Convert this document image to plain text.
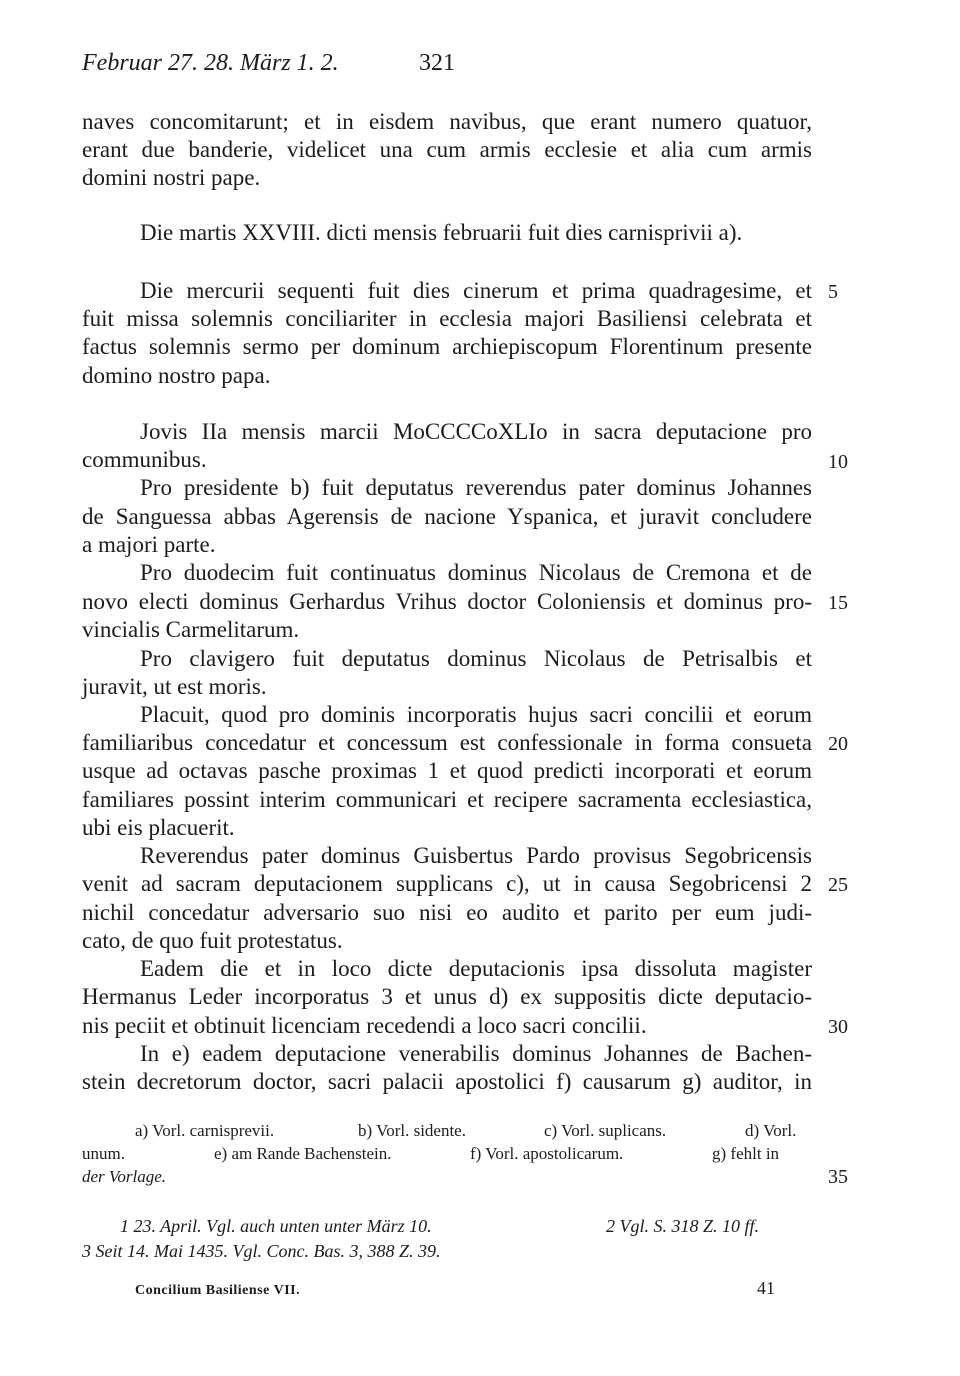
Februar 27. 28. März 1. 2.	321
naves concomitarunt; et in eisdem navibus, que erant numero quatuor,
erant due banderie, videlicet una cum armis ecclesie et alia cum armis
domini nostri pape.
Die martis XXVIII. dicti mensis februarii fuit dies carnisprivii a).
Die mercurii sequenti fuit dies cinerum et prima quadragesime, et
fuit missa solemnis conciliariter in ecclesia majori Basiliensi celebrata et
factus solemnis sermo per dominum archiepiscopum Florentinum presente
domino nostro papa.
Jovis IIa mensis marcii MoCCCCoXLIo in sacra deputacione pro
communibus.
Pro presidente b) fuit deputatus reverendus pater dominus Johannes
de Sanguessa abbas Agerensis de nacione Yspanica, et juravit concludere
a majori parte.
Pro duodecim fuit continuatus dominus Nicolaus de Cremona et de
novo electi dominus Gerhardus Vrihus doctor Coloniensis et dominus pro-
vincialis Carmelitarum.
Pro clavigero fuit deputatus dominus Nicolaus de Petrisalbis et
juravit, ut est moris.
Placuit, quod pro dominis incorporatis hujus sacri concilii et eorum
familiaribus concedatur et concessum est confessionale in forma consueta
usque ad octavas pasche proximas 1 et quod predicti incorporati et eorum
familiares possint interim communicari et recipere sacramenta ecclesiastica,
ubi eis placuerit.
Reverendus pater dominus Guisbertus Pardo provisus Segobricensis
venit ad sacram deputacionem supplicans c), ut in causa Segobricensi 2
nichil concedatur adversario suo nisi eo audito et parito per eum judi-
cato, de quo fuit protestatus.
Eadem die et in loco dicte deputacionis ipsa dissoluta magister
Hermanus Leder incorporatus 3 et unus d) ex suppositis dicte deputacio-
nis peciit et obtinuit licenciam recedendi a loco sacri concilii.
In e) eadem deputacione venerabilis dominus Johannes de Bachen-
stein decretorum doctor, sacri palacii apostolici f) causarum g) auditor, in
5
10
15
20
25
30
35
a) Vorl. carnisprevii.	b) Vorl. sidente.	c) Vorl. suplicans.	d) Vorl.
unum.	e) am Rande Bachenstein.	f) Vorl. apostolicarum.	g) fehlt in
der Vorlage.
1 23. April. Vgl. auch unten unter März 10.	2 Vgl. S. 318 Z. 10 ff.
3 Seit 14. Mai 1435. Vgl. Conc. Bas. 3, 388 Z. 39.
Concilium Basiliense VII.	41
